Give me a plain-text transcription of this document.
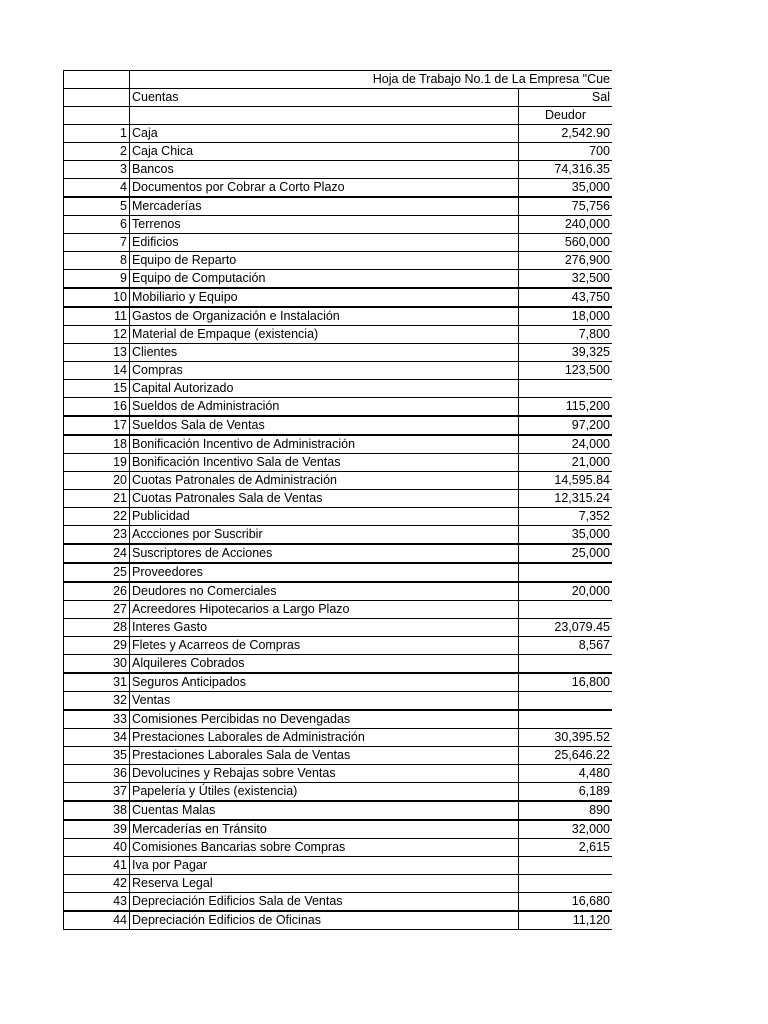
	Hoja de Trabajo No.1 de La Empresa "Cue	

	Cuentas	Sal
		Deudor
1	Caja	2,542.90
2	Caja Chica	700
3	Bancos	74,316.35
4	Documentos por Cobrar a Corto Plazo	35,000
5	Mercaderías	75,756
6	Terrenos	240,000
7	Edificios	560,000
8	Equipo de Reparto	276,900
9	Equipo de Computación	32,500
10	Mobiliario y Equipo	43,750
11	Gastos de Organización e Instalación	18,000
12	Material de Empaque (existencia)	7,800
13	Clientes	39,325
14	Compras	123,500
15	Capital Autorizado	
16	Sueldos de Administración	115,200
17	Sueldos Sala de Ventas	97,200
18	Bonificación Incentivo de Administración	24,000
19	Bonificación Incentivo Sala de Ventas	21,000
20	Cuotas Patronales de Administración	14,595.84
21	Cuotas Patronales Sala de Ventas	12,315.24
22	Publicidad	7,352
23	Accciones por Suscribir	35,000
24	Suscriptores de Acciones	25,000
25	Proveedores	
26	Deudores no Comerciales	20,000
27	Acreedores Hipotecarios a Largo Plazo	
28	Interes Gasto	23,079.45
29	Fletes y Acarreos de Compras	8,567
30	Alquileres Cobrados	
31	Seguros Anticipados	16,800
32	Ventas	
33	Comisiones Percibidas no Devengadas	
34	Prestaciones Laborales de Administración	30,395.52
35	Prestaciones Laborales Sala de Ventas	25,646.22
36	Devolucines y Rebajas sobre Ventas	4,480
37	Papelería y Útiles (existencia)	6,189
38	Cuentas Malas	890
39	Mercaderías en Tránsito	32,000
40	Comisiones Bancarias sobre Compras	2,615
41	Iva por Pagar	
42	Reserva Legal	
43	Depreciación Edificios Sala de Ventas	16,680
44	Depreciación Edificios de Oficinas	11,120
